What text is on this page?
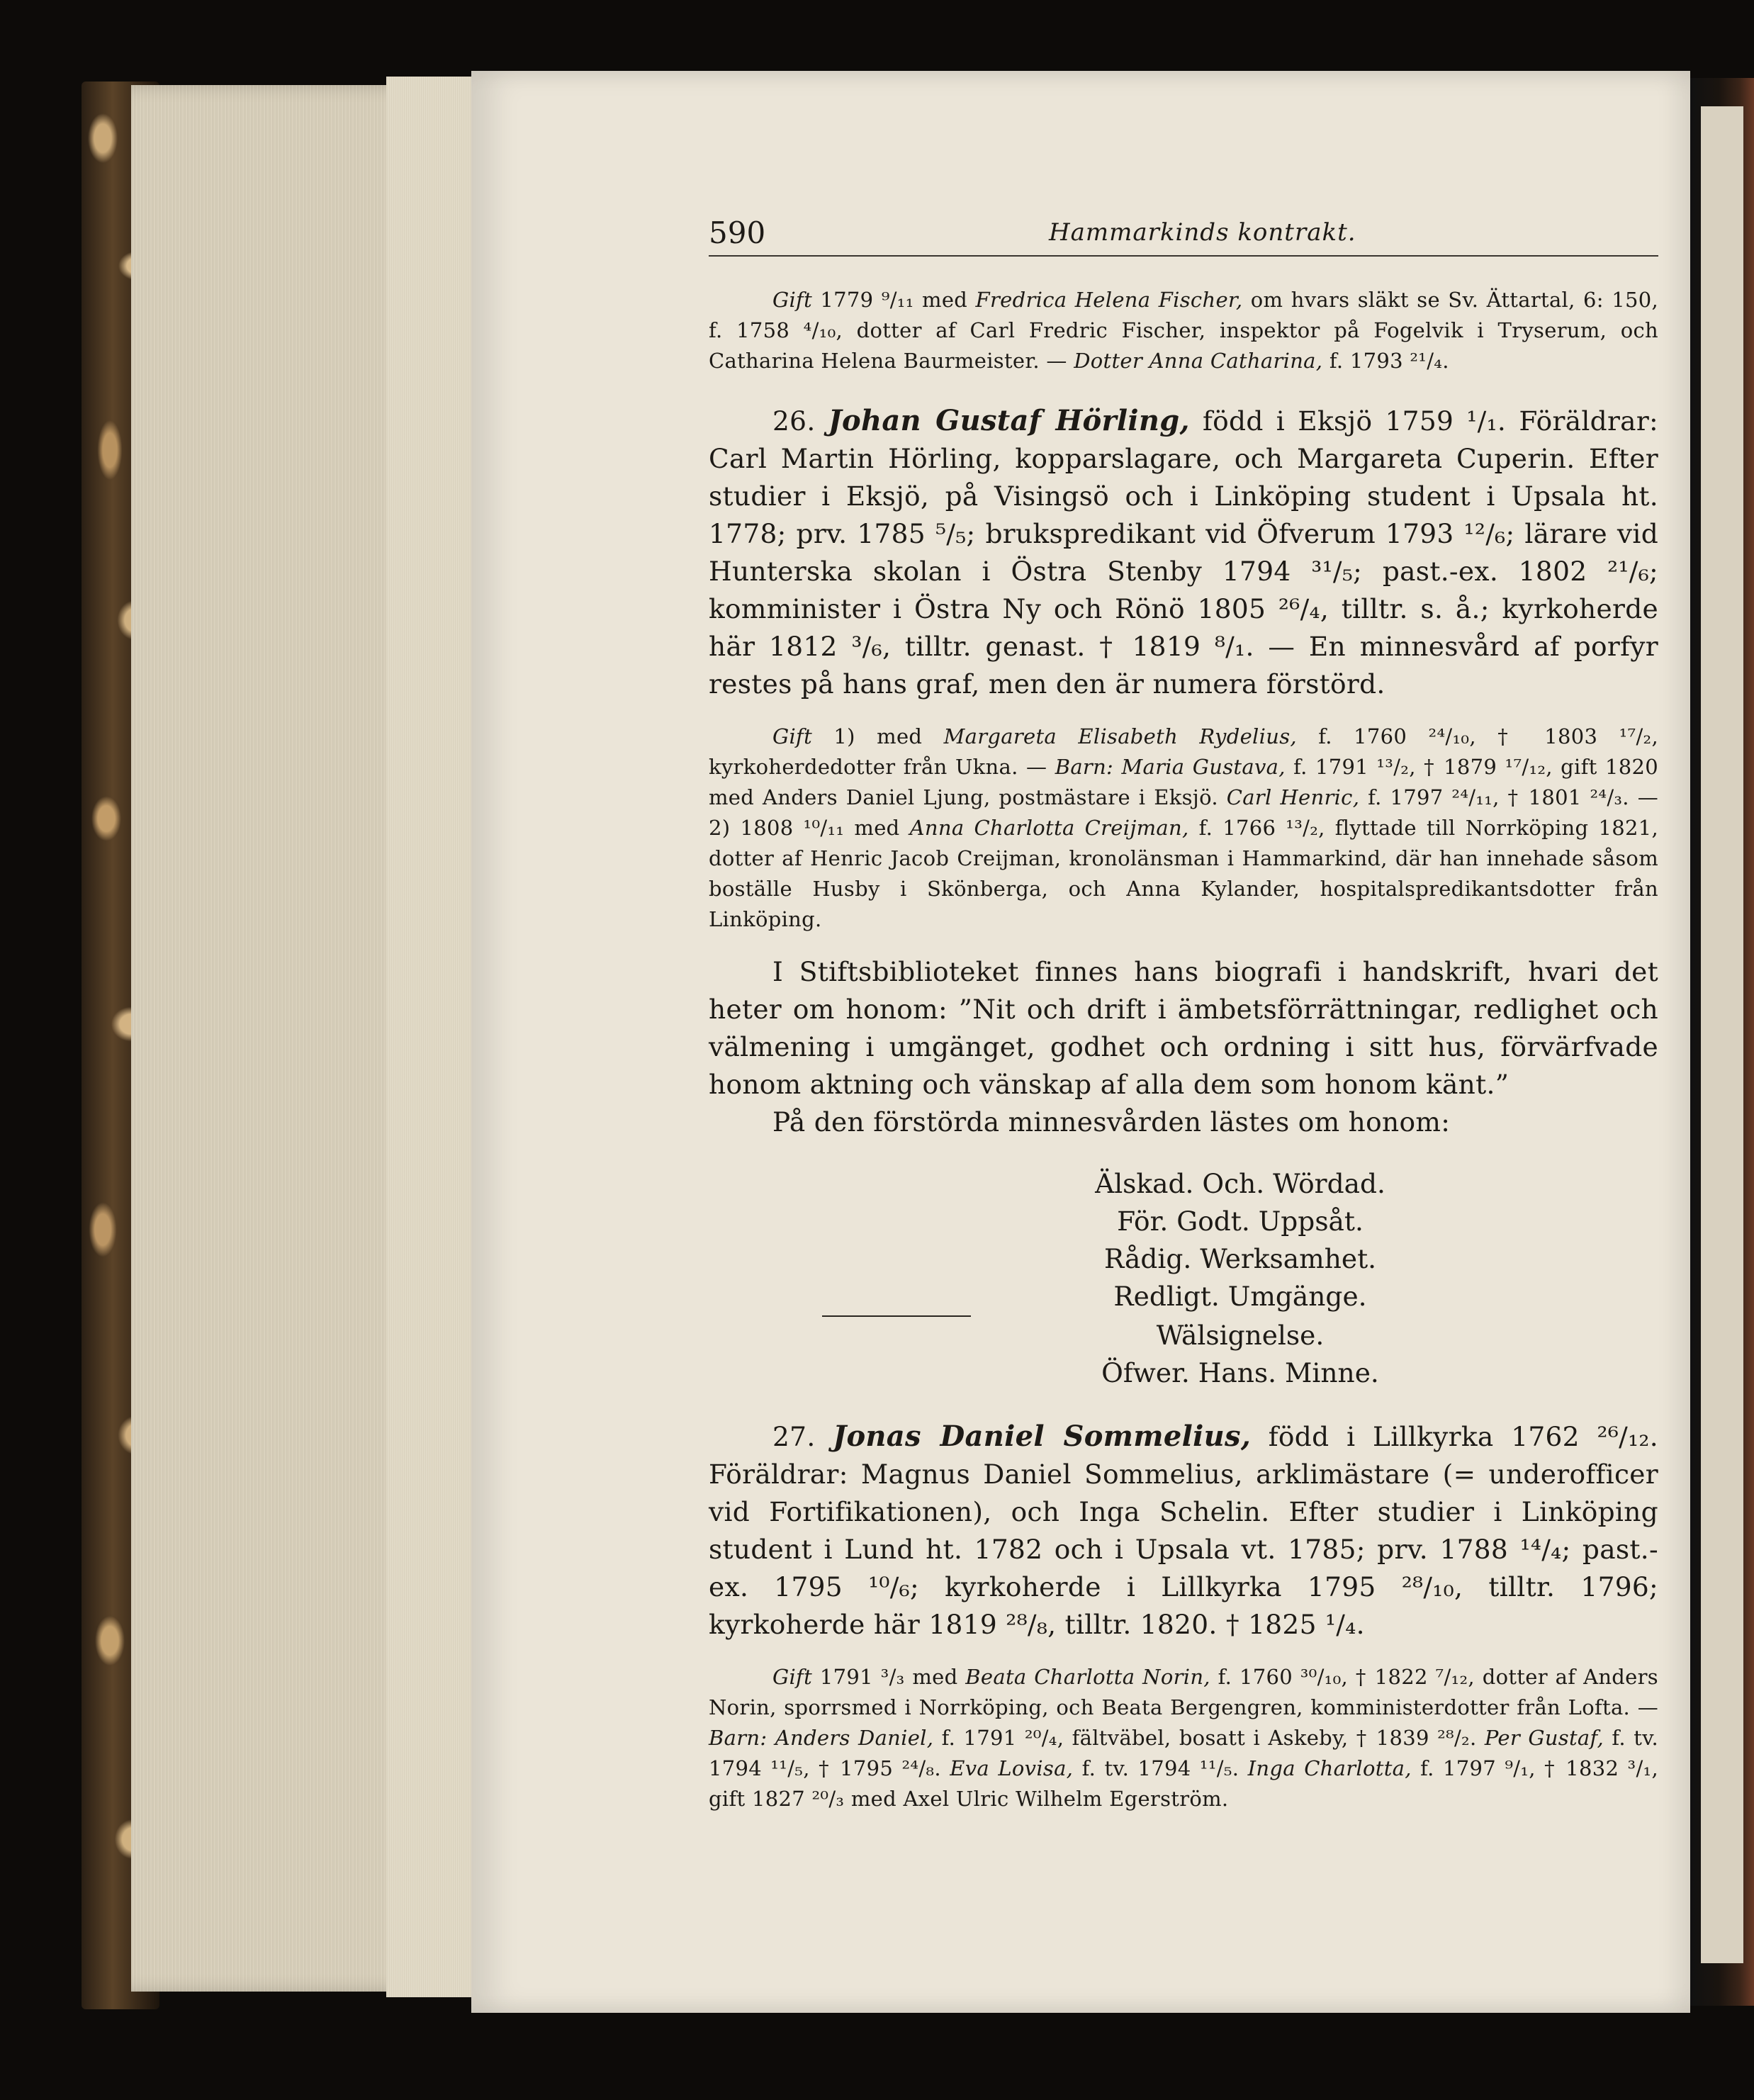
590	Hammarkinds kontrakt.

Gift 1779 ⁹/₁₁ med Fredrica Helena Fischer, om hvars släkt se Sv. Ättartal, 6: 150, f. 1758 ⁴/₁₀, dotter af Carl Fredric Fischer, inspektor på Fogelvik i Tryserum, och Catharina Helena Baurmeister. — Dotter Anna Catharina, f. 1793 ²¹/₄.

26. Johan Gustaf Hörling, född i Eksjö 1759 ¹/₁. Föräldrar: Carl Martin Hörling, kopparslagare, och Margareta Cuperin. Efter studier i Eksjö, på Visingsö och i Linköping student i Upsala ht. 1778; prv. 1785 ⁵/₅; brukspredikant vid Öfverum 1793 ¹²/₆; lärare vid Hunterska skolan i Östra Stenby 1794 ³¹/₅; past.-ex. 1802 ²¹/₆; komminister i Östra Ny och Rönö 1805 ²⁶/₄, tilltr. s. å.; kyrkoherde här 1812 ³/₆, tilltr. genast. † 1819 ⁸/₁. — En minnesvård af porfyr restes på hans graf, men den är numera förstörd.

Gift 1) med Margareta Elisabeth Rydelius, f. 1760 ²⁴/₁₀, † 1803 ¹⁷/₂, kyrkoherdedotter från Ukna. — Barn: Maria Gustava, f. 1791 ¹³/₂, † 1879 ¹⁷/₁₂, gift 1820 med Anders Daniel Ljung, postmästare i Eksjö. Carl Henric, f. 1797 ²⁴/₁₁, † 1801 ²⁴/₃. — 2) 1808 ¹⁰/₁₁ med Anna Charlotta Creijman, f. 1766 ¹³/₂, flyttade till Norrköping 1821, dotter af Henric Jacob Creijman, kronolänsman i Hammarkind, där han innehade såsom boställe Husby i Skönberga, och Anna Kylander, hospitalspredikantsdotter från Linköping.

I Stiftsbiblioteket finnes hans biografi i handskrift, hvari det heter om honom: ”Nit och drift i ämbetsförrättningar, redlighet och välmening i umgänget, godhet och ordning i sitt hus, förvärfvade honom aktning och vänskap af alla dem som honom känt.”

På den förstörda minnesvården lästes om honom:

Älskad. Och. Wördad.
För. Godt. Uppsåt.
Rådig. Werksamhet.
Redligt. Umgänge.
Wälsignelse.
Öfwer. Hans. Minne.

27. Jonas Daniel Sommelius, född i Lillkyrka 1762 ²⁶/₁₂. Föräldrar: Magnus Daniel Sommelius, arklimästare (= underofficer vid Fortifikationen), och Inga Schelin. Efter studier i Linköping student i Lund ht. 1782 och i Upsala vt. 1785; prv. 1788 ¹⁴/₄; past.-ex. 1795 ¹⁰/₆; kyrkoherde i Lillkyrka 1795 ²⁸/₁₀, tilltr. 1796; kyrkoherde här 1819 ²⁸/₈, tilltr. 1820. † 1825 ¹/₄.

Gift 1791 ³/₃ med Beata Charlotta Norin, f. 1760 ³⁰/₁₀, † 1822 ⁷/₁₂, dotter af Anders Norin, sporrsmed i Norrköping, och Beata Bergengren, komministerdotter från Lofta. — Barn: Anders Daniel, f. 1791 ²⁰/₄, fältväbel, bosatt i Askeby, † 1839 ²⁸/₂. Per Gustaf, f. tv. 1794 ¹¹/₅, † 1795 ²⁴/₈. Eva Lovisa, f. tv. 1794 ¹¹/₅. Inga Charlotta, f. 1797 ⁹/₁, † 1832 ³/₁, gift 1827 ²⁰/₃ med Axel Ulric Wilhelm Egerström.
